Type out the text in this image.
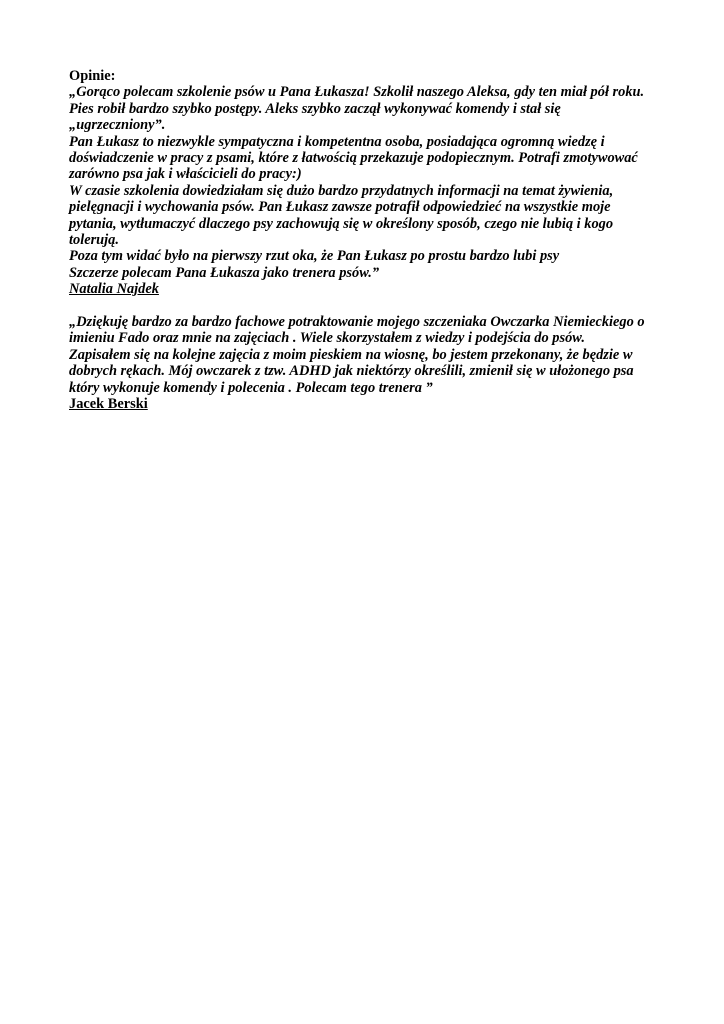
Opinie:
„Gorąco polecam szkolenie psów u Pana Łukasza! Szkolił naszego Aleksa, gdy ten miał pół roku.
Pies robił bardzo szybko postępy. Aleks szybko zaczął wykonywać komendy i stał się
„ugrzeczniony”.
Pan Łukasz to niezwykle sympatyczna i kompetentna osoba, posiadająca ogromną wiedzę i
doświadczenie w pracy z psami, które z łatwością przekazuje podopiecznym. Potrafi zmotywować
zarówno psa jak i właścicieli do pracy:)
W czasie szkolenia dowiedziałam się dużo bardzo przydatnych informacji na temat żywienia,
pielęgnacji i wychowania psów. Pan Łukasz zawsze potrafił odpowiedzieć na wszystkie moje
pytania, wytłumaczyć dlaczego psy zachowują się w określony sposób, czego nie lubią i kogo
tolerują.
Poza tym widać było na pierwszy rzut oka, że Pan Łukasz po prostu bardzo lubi psy
Szczerze polecam Pana Łukasza jako trenera psów.”
Natalia Najdek
„Dziękuję bardzo za bardzo fachowe potraktowanie mojego szczeniaka Owczarka Niemieckiego o
imieniu Fado oraz mnie na zajęciach . Wiele skorzystałem z wiedzy i podejścia do psów.
Zapisałem się na kolejne zajęcia z moim pieskiem na wiosnę, bo jestem przekonany, że będzie w
dobrych rękach. Mój owczarek z tzw. ADHD jak niektórzy określili, zmienił się w ułożonego psa
który wykonuje komendy i polecenia . Polecam tego trenera ”
Jacek Berski
